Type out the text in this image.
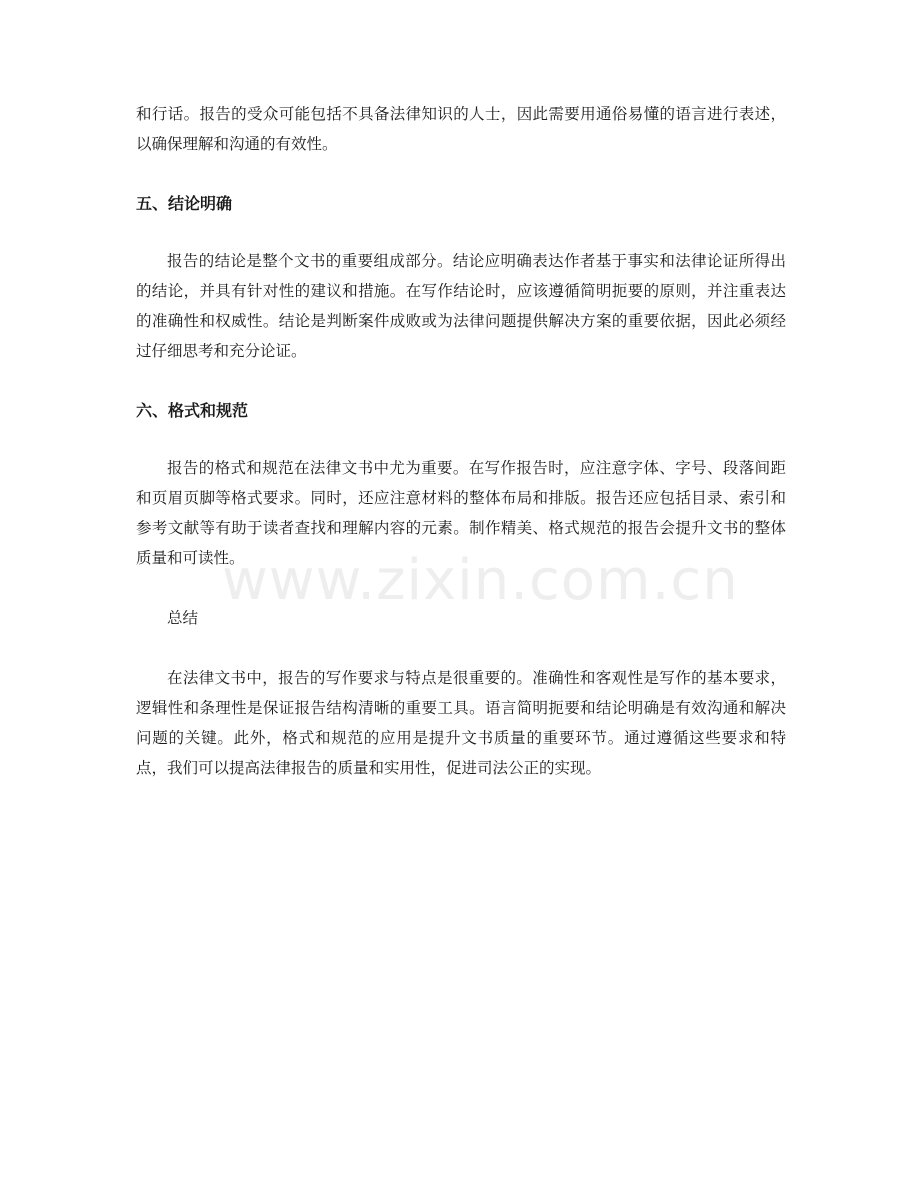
和行话。报告的受众可能包括不具备法律知识的人士，因此需要用通俗易懂的语言进行表述，以确保理解和沟通的有效性。

五、结论明确

报告的结论是整个文书的重要组成部分。结论应明确表达作者基于事实和法律论证所得出的结论，并具有针对性的建议和措施。在写作结论时，应该遵循简明扼要的原则，并注重表达的准确性和权威性。结论是判断案件成败或为法律问题提供解决方案的重要依据，因此必须经过仔细思考和充分论证。

六、格式和规范

报告的格式和规范在法律文书中尤为重要。在写作报告时，应注意字体、字号、段落间距和页眉页脚等格式要求。同时，还应注意材料的整体布局和排版。报告还应包括目录、索引和参考文献等有助于读者查找和理解内容的元素。制作精美、格式规范的报告会提升文书的整体质量和可读性。

总结

在法律文书中，报告的写作要求与特点是很重要的。准确性和客观性是写作的基本要求，逻辑性和条理性是保证报告结构清晰的重要工具。语言简明扼要和结论明确是有效沟通和解决问题的关键。此外，格式和规范的应用是提升文书质量的重要环节。通过遵循这些要求和特点，我们可以提高法律报告的质量和实用性，促进司法公正的实现。

www.zixin.com.cn
